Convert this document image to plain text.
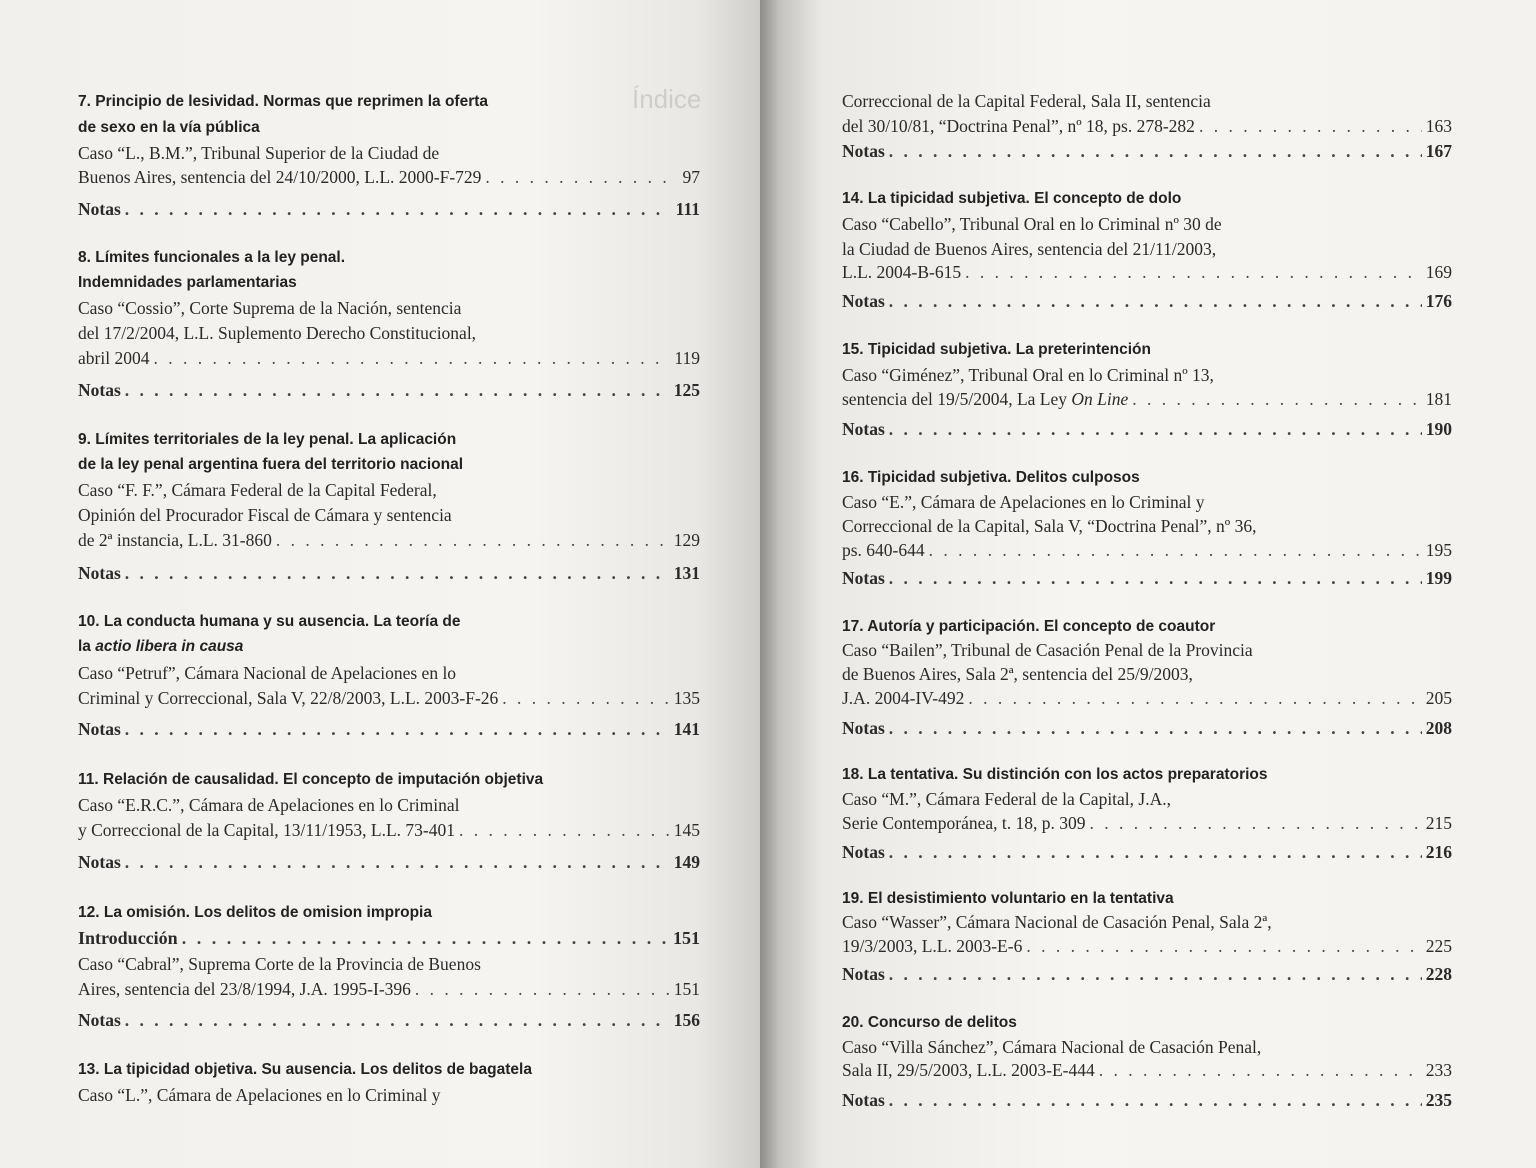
Índice
7. Principio de lesividad. Normas que reprimen la oferta
de sexo en la vía pública
Caso “L., B.M.”, Tribunal Superior de la Ciudad de
Buenos Aires, sentencia del 24/10/2000, L.L. 2000-F-729 . . .	97
Notas . . .	111
8. Límites funcionales a la ley penal.
Indemnidades parlamentarias
Caso “Cossio”, Corte Suprema de la Nación, sentencia
del 17/2/2004, L.L. Suplemento Derecho Constitucional,
abril 2004 . . .	119
Notas . . .	125
9. Límites territoriales de la ley penal. La aplicación
de la ley penal argentina fuera del territorio nacional
Caso “F. F.”, Cámara Federal de la Capital Federal,
Opinión del Procurador Fiscal de Cámara y sentencia
de 2ª instancia, L.L. 31-860 . . .	129
Notas . . .	131
10. La conducta humana y su ausencia. La teoría de
la actio libera in causa
Caso “Petruf”, Cámara Nacional de Apelaciones en lo
Criminal y Correccional, Sala V, 22/8/2003, L.L. 2003-F-26 . . .	135
Notas . . .	141
11. Relación de causalidad. El concepto de imputación objetiva
Caso “E.R.C.”, Cámara de Apelaciones en lo Criminal
y Correccional de la Capital, 13/11/1953, L.L. 73-401 . . .	145
Notas . . .	149
12. La omisión. Los delitos de omision impropia
Introducción . . .	151
Caso “Cabral”, Suprema Corte de la Provincia de Buenos
Aires, sentencia del 23/8/1994, J.A. 1995-I-396 . . .	151
Notas . . .	156
13. La tipicidad objetiva. Su ausencia. Los delitos de bagatela
Caso “L.”, Cámara de Apelaciones en lo Criminal y
Correccional de la Capital Federal, Sala II, sentencia
del 30/10/81, “Doctrina Penal”, nº 18, ps. 278-282 . . .	163
Notas . . .	167
14. La tipicidad subjetiva. El concepto de dolo
Caso “Cabello”, Tribunal Oral en lo Criminal nº 30 de
la Ciudad de Buenos Aires, sentencia del 21/11/2003,
L.L. 2004-B-615 . . .	169
Notas . . .	176
15. Tipicidad subjetiva. La preterintención
Caso “Giménez”, Tribunal Oral en lo Criminal nº 13,
sentencia del 19/5/2004, La Ley On Line . . .	181
Notas . . .	190
16. Tipicidad subjetiva. Delitos culposos
Caso “E.”, Cámara de Apelaciones en lo Criminal y
Correccional de la Capital, Sala V, “Doctrina Penal”, nº 36,
ps. 640-644 . . .	195
Notas . . .	199
17. Autoría y participación. El concepto de coautor
Caso “Bailen”, Tribunal de Casación Penal de la Provincia
de Buenos Aires, Sala 2ª, sentencia del 25/9/2003,
J.A. 2004-IV-492 . . .	205
Notas . . .	208
18. La tentativa. Su distinción con los actos preparatorios
Caso “M.”, Cámara Federal de la Capital, J.A.,
Serie Contemporánea, t. 18, p. 309 . . .	215
Notas . . .	216
19. El desistimiento voluntario en la tentativa
Caso “Wasser”, Cámara Nacional de Casación Penal, Sala 2ª,
19/3/2003, L.L. 2003-E-6 . . .	225
Notas . . .	228
20. Concurso de delitos
Caso “Villa Sánchez”, Cámara Nacional de Casación Penal,
Sala II, 29/5/2003, L.L. 2003-E-444 . . .	233
Notas . . .	235
